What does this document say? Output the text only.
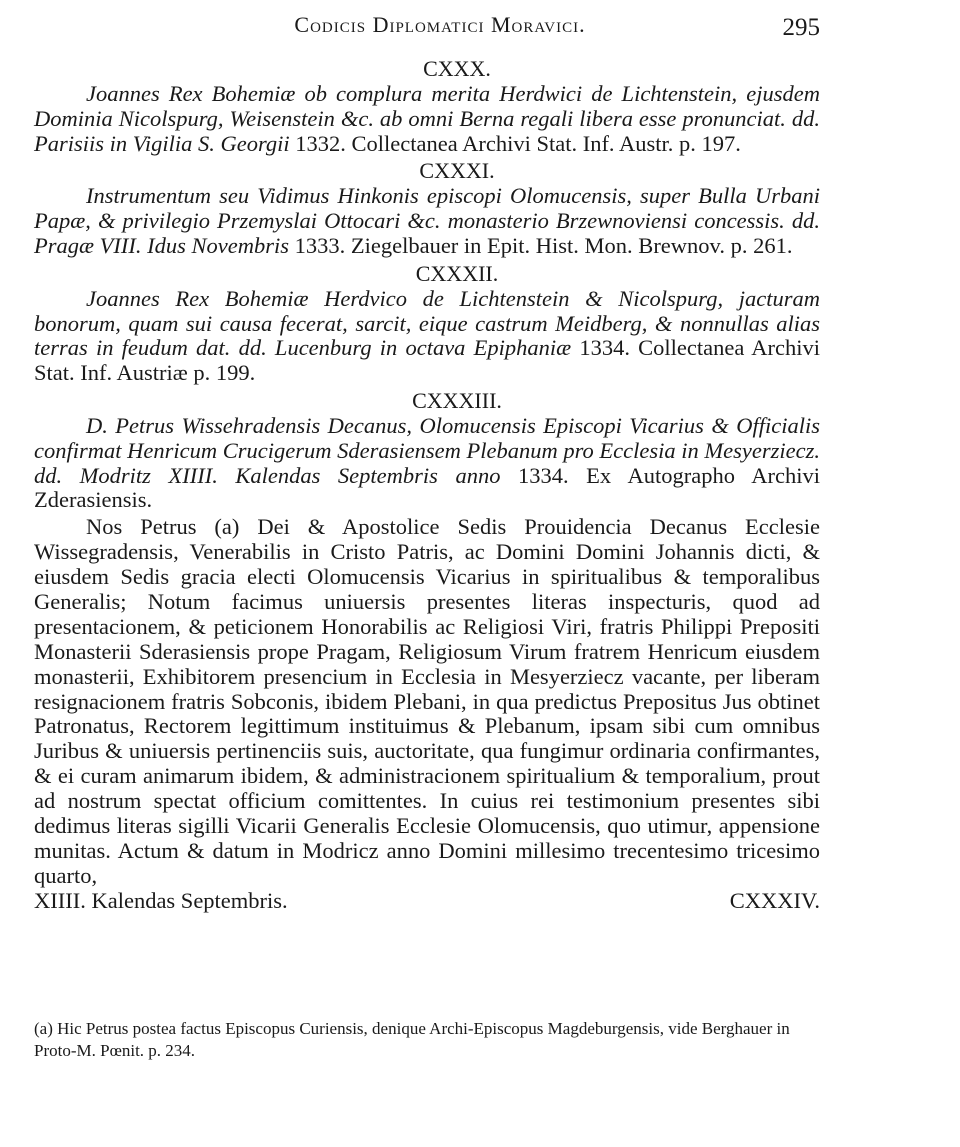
Codicis Diplomatici Moravici.	295
CXXX.

Joannes Rex Bohemiæ ob complura merita Herdwici de Lichtenstein, ejusdem Dominia Nicolspurg, Weisenstein &c. ab omni Berna regali libera esse pronunciat. dd. Parisiis in Vigilia S. Georgii 1332. Collectanea Archivi Stat. Inf. Austr. p. 197.

CXXXI.

Instrumentum seu Vidimus Hinkonis episcopi Olomucensis, super Bulla Urbani Papæ, & privilegio Przemyslai Ottocari &c. monasterio Brzewnoviensi concessis. dd. Pragæ VIII. Idus Novembris 1333. Ziegelbauer in Epit. Hist. Mon. Brewnov. p. 261.

CXXXII.

Joannes Rex Bohemiæ Herdvico de Lichtenstein & Nicolspurg, jacturam bonorum, quam sui causa fecerat, sarcit, eique castrum Meidberg, & nonnullas alias terras in feudum dat. dd. Lucenburg in octava Epiphaniæ 1334. Collectanea Archivi Stat. Inf. Austriæ p. 199.

CXXXIII.

D. Petrus Wissehradensis Decanus, Olomucensis Episcopi Vicarius & Officialis confirmat Henricum Crucigerum Sderasiensem Plebanum pro Ecclesia in Mesyerziecz. dd. Modritz XIIII. Kalendas Septembris anno 1334. Ex Autographo Archivi Zderasiensis.

Nos Petrus (a) Dei & Apostolice Sedis Prouidencia Decanus Ecclesie Wissegradensis, Venerabilis in Cristo Patris, ac Domini Domini Johannis dicti, & eiusdem Sedis gracia electi Olomucensis Vicarius in spiritualibus & temporalibus Generalis; Notum facimus uniuersis presentes literas inspecturis, quod ad presentacionem, & peticionem Honorabilis ac Religiosi Viri, fratris Philippi Prepositi Monasterii Sderasiensis prope Pragam, Religiosum Virum fratrem Henricum eiusdem monasterii, Exhibitorem presencium in Ecclesia in Mesyerziecz vacante, per liberam resignacionem fratris Sobconis, ibidem Plebani, in qua predictus Prepositus Jus obtinet Patronatus, Rectorem legittimum instituimus & Plebanum, ipsam sibi cum omnibus Juribus & uniuersis pertinenciis suis, auctoritate, qua fungimur ordinaria confirmantes, & ei curam animarum ibidem, & administracionem spiritualium & temporalium, prout ad nostrum spectat officium comittentes. In cuius rei testimonium presentes sibi dedimus literas sigilli Vicarii Generalis Ecclesie Olomucensis, quo utimur, appensione munitas. Actum & datum in Modricz anno Domini millesimo trecentesimo tricesimo quarto,

XIIII. Kalendas Septembris.	CXXXIV.

(a) Hic Petrus postea factus Episcopus Curiensis, denique Archi-Episcopus Magdeburgensis, vide Berghauer in Proto-M. Pœnit. p. 234.
